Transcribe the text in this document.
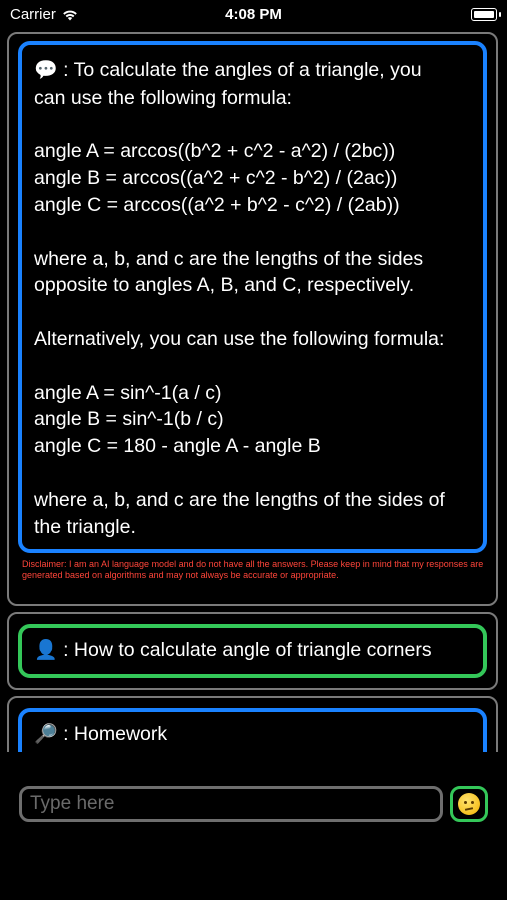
Carrier	4:08 PM

💬 : To calculate the angles of a triangle, you
can use the following formula:

angle A = arccos((b^2 + c^2 - a^2) / (2bc))
angle B = arccos((a^2 + c^2 - b^2) / (2ac))
angle C = arccos((a^2 + b^2 - c^2) / (2ab))

where a, b, and c are the lengths of the sides
opposite to angles A, B, and C, respectively.

Alternatively, you can use the following formula:

angle A = sin^-1(a / c)
angle B = sin^-1(b / c)
angle C = 180 - angle A - angle B

where a, b, and c are the lengths of the sides of
the triangle.

Disclaimer: I am an AI language model and do not have all the answers. Please keep in mind that my responses are generated based on algorithms and may not always be accurate or appropriate.

👤 : How to calculate angle of triangle corners

🔎 : Homework

Type here
